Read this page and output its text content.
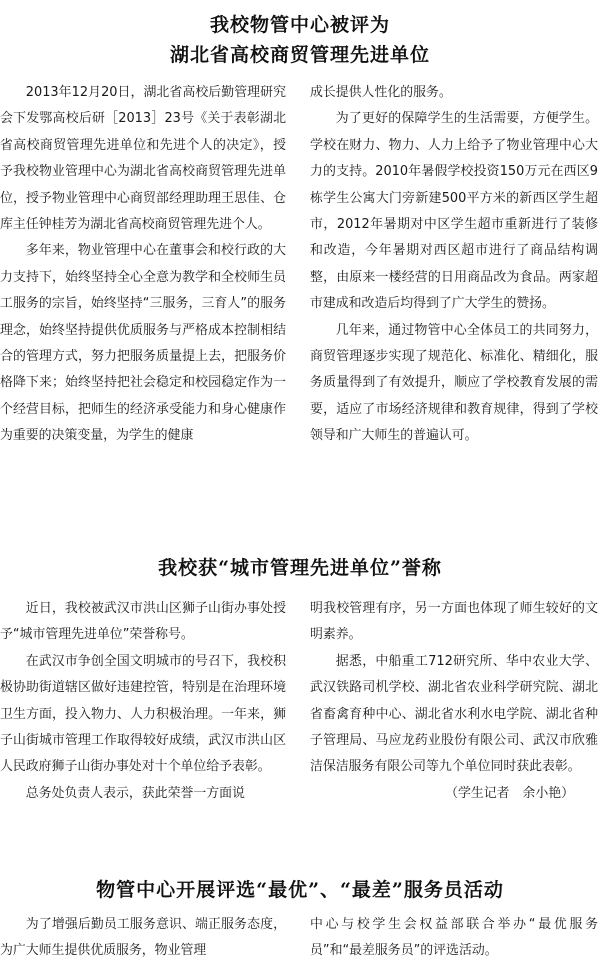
我校物管中心被评为
湖北省高校商贸管理先进单位

2013年12月20日，湖北省高校后勤管理研究会下发鄂高校后研［2013］23号《关于表彰湖北省高校商贸管理先进单位和先进个人的决定》，授予我校物业管理中心为湖北省高校商贸管理先进单位，授予物业管理中心商贸部经理助理王思佳、仓库主任钟桂芳为湖北省高校商贸管理先进个人。

多年来，物业管理中心在董事会和校行政的大力支持下，始终坚持全心全意为教学和全校师生员工服务的宗旨，始终坚持“三服务，三育人”的服务理念，始终坚持提供优质服务与严格成本控制相结合的管理方式，努力把服务质量提上去，把服务价格降下来；始终坚持把社会稳定和校园稳定作为一个经营目标，把师生的经济承受能力和身心健康作为重要的决策变量，为学生的健康

成长提供人性化的服务。

为了更好的保障学生的生活需要，方便学生。学校在财力、物力、人力上给予了物业管理中心大力的支持。2010年暑假学校投资150万元在西区9栋学生公寓大门旁新建500平方米的新西区学生超市，2012年暑期对中区学生超市重新进行了装修和改造，今年暑期对西区超市进行了商品结构调整，由原来一楼经营的日用商品改为食品。两家超市建成和改造后均得到了广大学生的赞扬。

几年来，通过物管中心全体员工的共同努力，商贸管理逐步实现了规范化、标准化、精细化，服务质量得到了有效提升，顺应了学校教育发展的需要，适应了市场经济规律和教育规律，得到了学校领导和广大师生的普遍认可。

我校获“城市管理先进单位”誉称

近日，我校被武汉市洪山区狮子山街办事处授予“城市管理先进单位”荣誉称号。

在武汉市争创全国文明城市的号召下，我校积极协助街道辖区做好违建控管，特别是在治理环境卫生方面，投入物力、人力积极治理。一年来，狮子山街城市管理工作取得较好成绩，武汉市洪山区人民政府狮子山街办事处对十个单位给予表彰。

总务处负责人表示，获此荣誉一方面说

明我校管理有序，另一方面也体现了师生较好的文明素养。

据悉，中船重工712研究所、华中农业大学、武汉铁路司机学校、湖北省农业科学研究院、湖北省畜禽育种中心、湖北省水利水电学院、湖北省种子管理局、马应龙药业股份有限公司、武汉市欣雅洁保洁服务有限公司等九个单位同时获此表彰。

（学生记者　余小艳）

物管中心开展评选“最优”、“最差”服务员活动

为了增强后勤员工服务意识、端正服务态度，为广大师生提供优质服务，物业管理

中心与校学生会权益部联合举办“最优服务员”和“最差服务员”的评选活动。
